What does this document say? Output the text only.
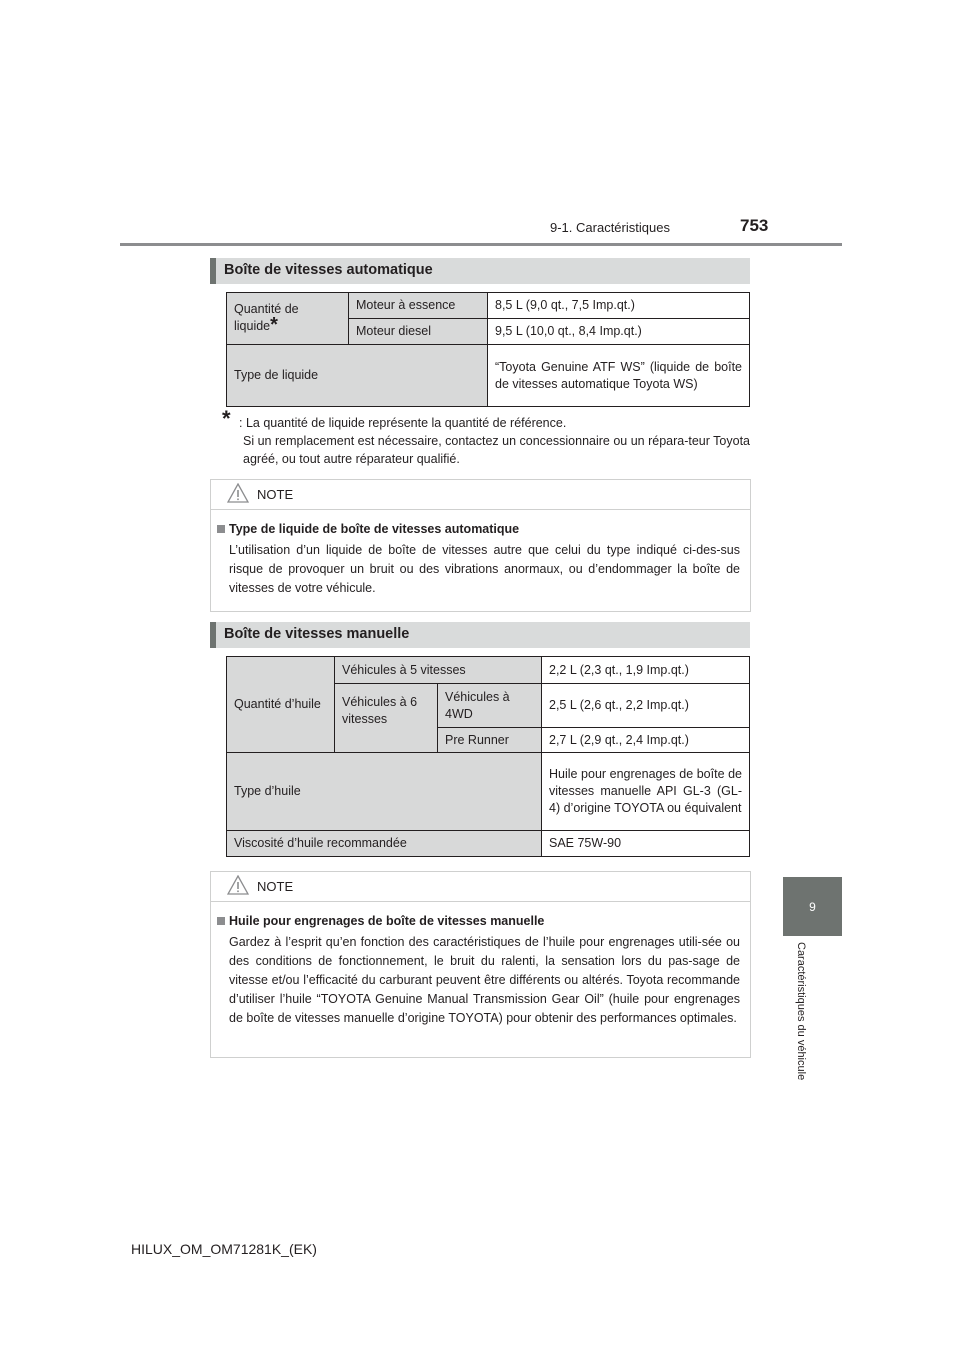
9-1. Caractéristiques	753
9
Caractéristiques du véhicule
Boîte de vitesses automatique
Quantité de liquide*	Moteur à essence	8,5 L (9,0 qt., 7,5 Imp.qt.)
	Moteur diesel	9,5 L (10,0 qt., 8,4 Imp.qt.)
Type de liquide		“Toyota Genuine ATF WS” (liquide de boîte de vitesses automatique Toyota WS)
* : La quantité de liquide représente la quantité de référence.
Si un remplacement est nécessaire, contactez un concessionnaire ou un répara-teur Toyota agréé, ou tout autre réparateur qualifié.
NOTE
Type de liquide de boîte de vitesses automatique
L’utilisation d’un liquide de boîte de vitesses autre que celui du type indiqué ci-des-sus risque de provoquer un bruit ou des vibrations anormaux, ou d’endommager la boîte de vitesses de votre véhicule.
Boîte de vitesses manuelle
Quantité d’huile	Véhicules à 5 vitesses		2,2 L (2,3 qt., 1,9 Imp.qt.)
	Véhicules à 6 vitesses	Véhicules à 4WD	2,5 L (2,6 qt., 2,2 Imp.qt.)
		Pre Runner	2,7 L (2,9 qt., 2,4 Imp.qt.)
Type d’huile			Huile pour engrenages de boîte de vitesses manuelle API GL-3 (GL-4) d’origine TOYOTA ou équivalent
Viscosité d’huile recommandée			SAE 75W-90
NOTE
Huile pour engrenages de boîte de vitesses manuelle
Gardez à l’esprit qu’en fonction des caractéristiques de l’huile pour engrenages utili-sée ou des conditions de fonctionnement, le bruit du ralenti, la sensation lors du pas-sage de vitesse et/ou l’efficacité du carburant peuvent être différents ou altérés. Toyota recommande d’utiliser l’huile “TOYOTA Genuine Manual Transmission Gear Oil” (huile pour engrenages de boîte de vitesses manuelle d’origine TOYOTA) pour obtenir des performances optimales.
HILUX_OM_OM71281K_(EK)
